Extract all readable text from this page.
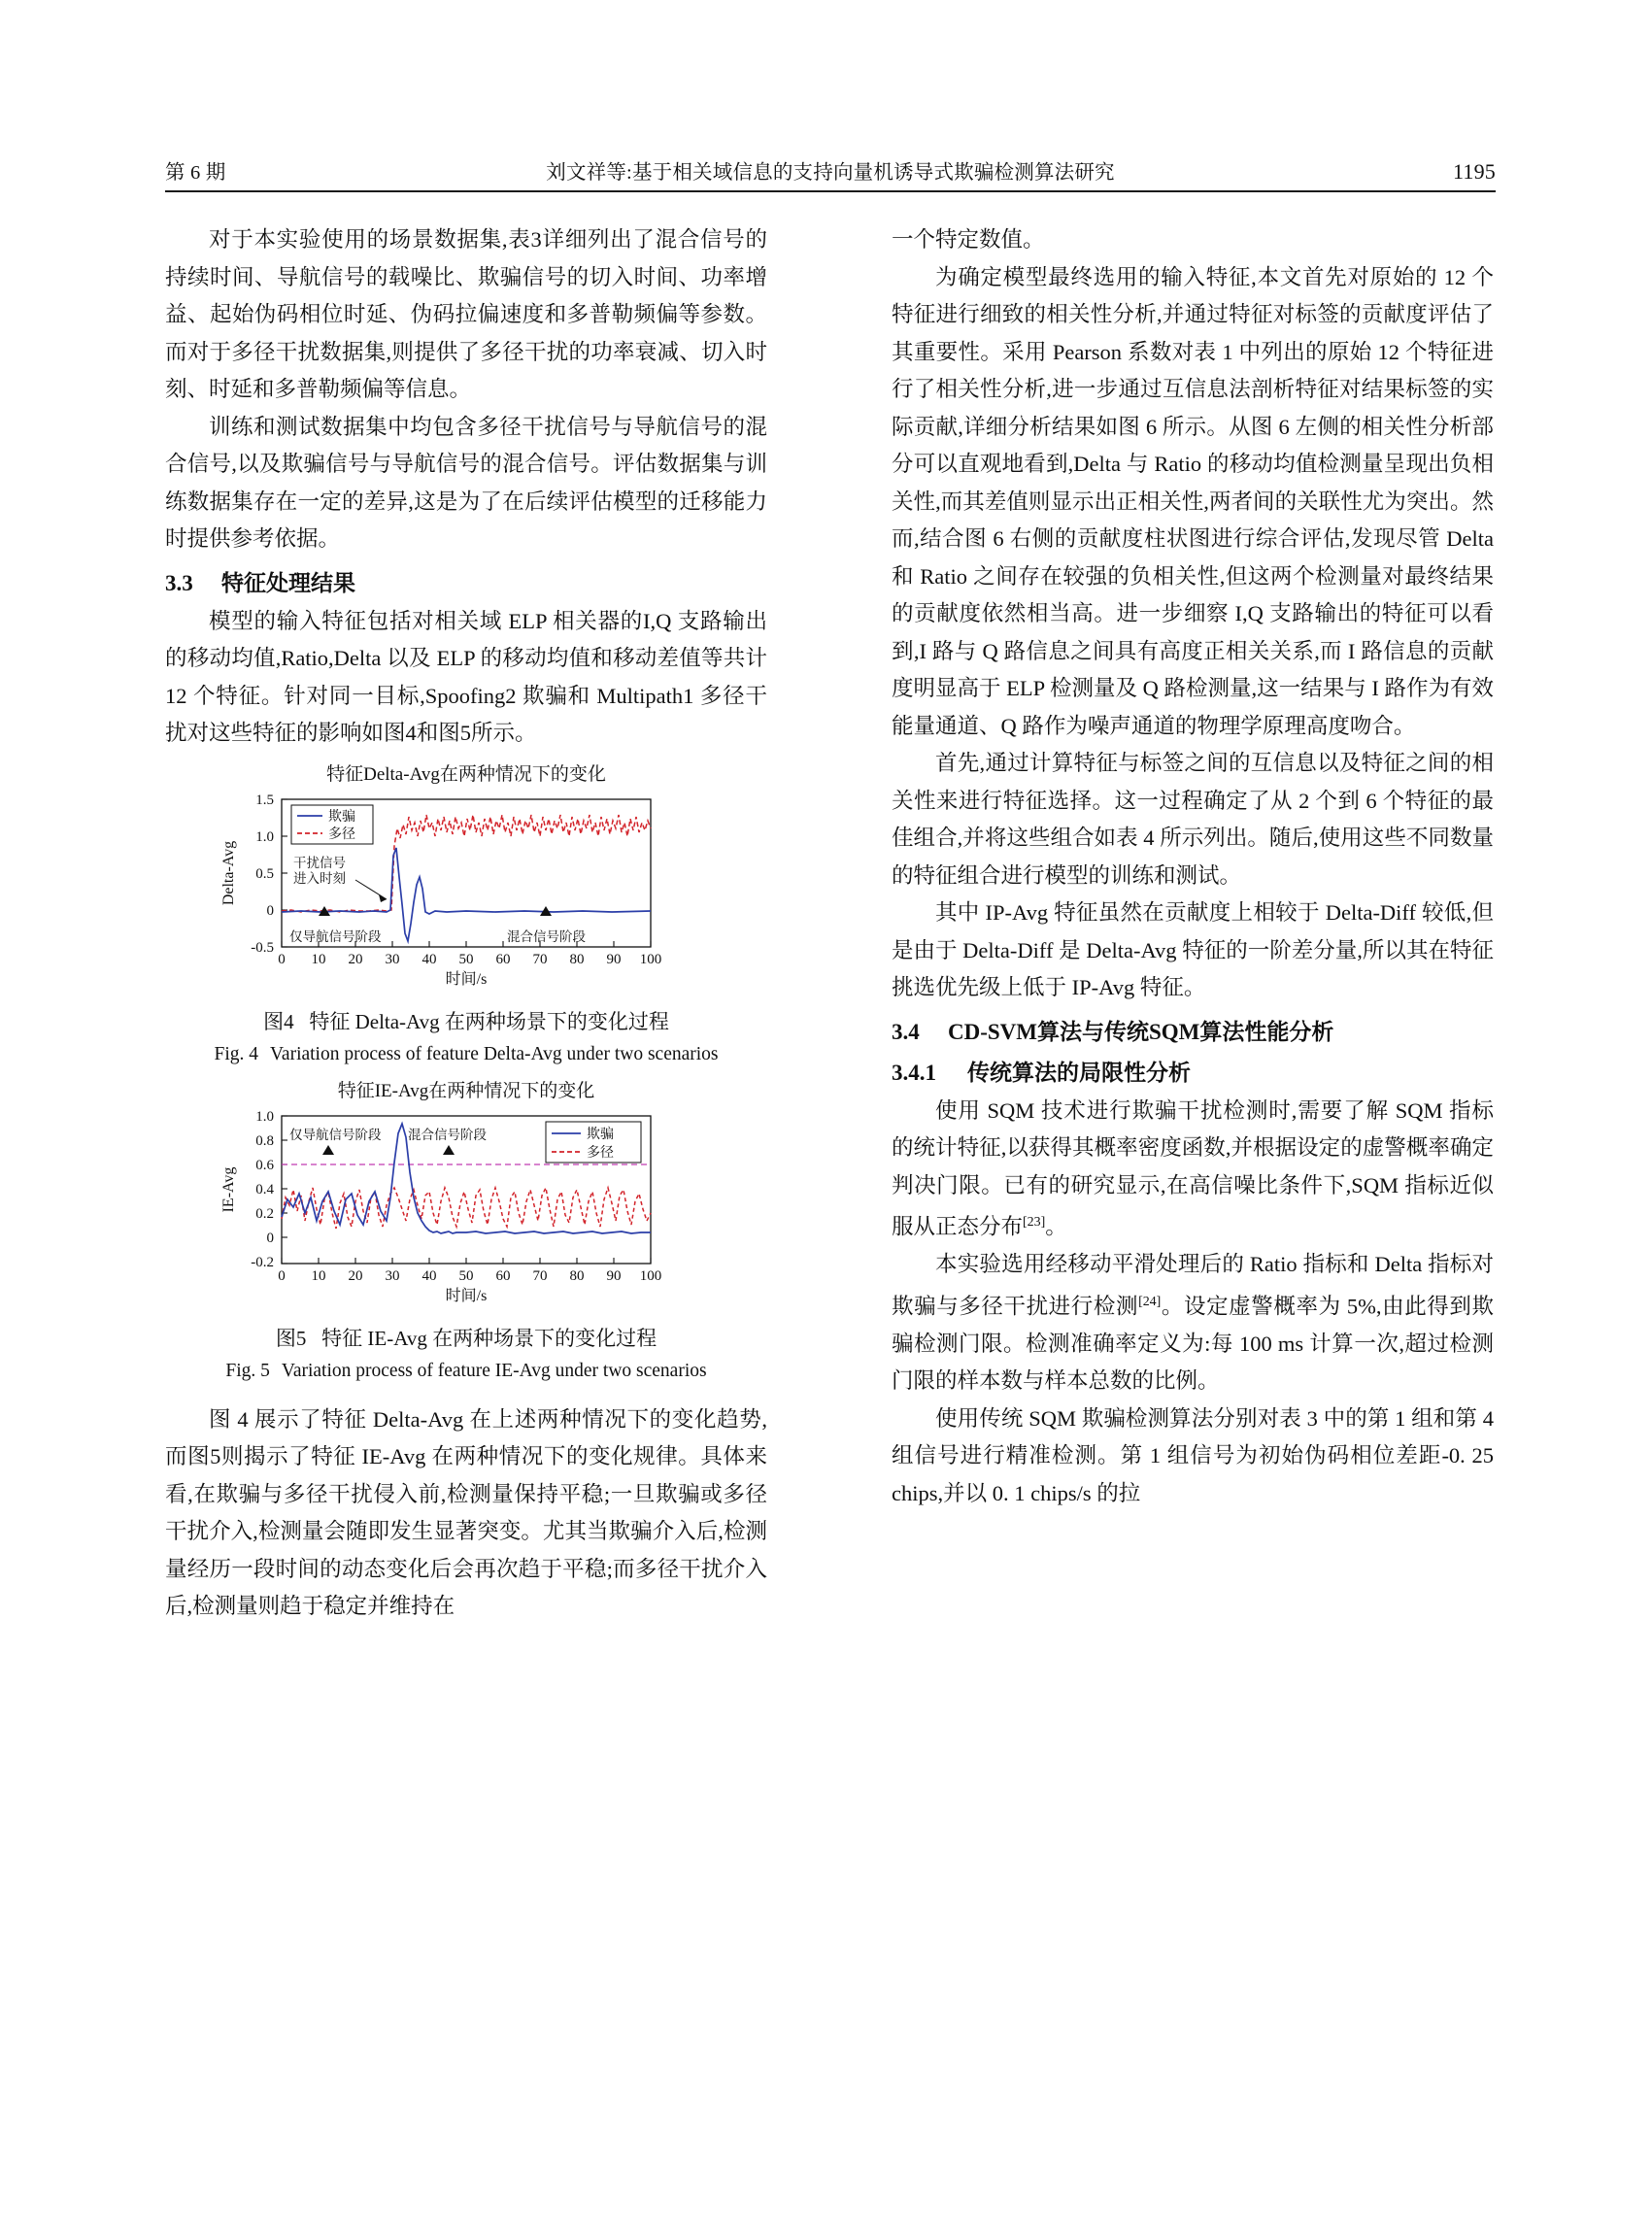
第 6 期	刘文祥等:基于相关域信息的支持向量机诱导式欺骗检测算法研究	1195

对于本实验使用的场景数据集,表3详细列出了混合信号的持续时间、导航信号的载噪比、欺骗信号的切入时间、功率增益、起始伪码相位时延、伪码拉偏速度和多普勒频偏等参数。而对于多径干扰数据集,则提供了多径干扰的功率衰减、切入时刻、时延和多普勒频偏等信息。

训练和测试数据集中均包含多径干扰信号与导航信号的混合信号,以及欺骗信号与导航信号的混合信号。评估数据集与训练数据集存在一定的差异,这是为了在后续评估模型的迁移能力时提供参考依据。

3.3 特征处理结果

模型的输入特征包括对相关域 ELP 相关器的I,Q 支路输出的移动均值,Ratio,Delta 以及 ELP 的移动均值和移动差值等共计 12 个特征。针对同一目标,Spoofing2 欺骗和 Multipath1 多径干扰对这些特征的影响如图4和图5所示。

特征Delta-Avg在两种情况下的变化
1.5
1.0
0.5
0
-0.5
0 10 20 30 40 50 60 70 80 90 100
时间/s
Delta-Avg
欺骗
多径
干扰信号
进入时刻
仅导航信号阶段	混合信号阶段
图4 特征 Delta-Avg 在两种场景下的变化过程
Fig. 4 Variation process of feature Delta-Avg under two scenarios
特征IE-Avg在两种情况下的变化
1.0
0.8
0.6
0.4
0.2
0
-0.2
0 10 20 30 40 50 60 70 80 90 100
时间/s
IE-Avg
欺骗
多径
仅导航信号阶段 混合信号阶段
图5 特征 IE-Avg 在两种场景下的变化过程
Fig. 5 Variation process of feature IE-Avg under two scenarios

图 4 展示了特征 Delta-Avg 在上述两种情况下的变化趋势,而图5则揭示了特征 IE-Avg 在两种情况下的变化规律。具体来看,在欺骗与多径干扰侵入前,检测量保持平稳;一旦欺骗或多径干扰介入,检测量会随即发生显著突变。尤其当欺骗介入后,检测量经历一段时间的动态变化后会再次趋于平稳;而多径干扰介入后,检测量则趋于稳定并维持在

一个特定数值。

为确定模型最终选用的输入特征,本文首先对原始的 12 个特征进行细致的相关性分析,并通过特征对标签的贡献度评估了其重要性。采用 Pearson 系数对表 1 中列出的原始 12 个特征进行了相关性分析,进一步通过互信息法剖析特征对结果标签的实际贡献,详细分析结果如图 6 所示。从图 6 左侧的相关性分析部分可以直观地看到,Delta 与 Ratio 的移动均值检测量呈现出负相关性,而其差值则显示出正相关性,两者间的关联性尤为突出。然而,结合图 6 右侧的贡献度柱状图进行综合评估,发现尽管 Delta 和 Ratio 之间存在较强的负相关性,但这两个检测量对最终结果的贡献度依然相当高。进一步细察 I,Q 支路输出的特征可以看到,I 路与 Q 路信息之间具有高度正相关关系,而 I 路信息的贡献度明显高于 ELP 检测量及 Q 路检测量,这一结果与 I 路作为有效能量通道、Q 路作为噪声通道的物理学原理高度吻合。

首先,通过计算特征与标签之间的互信息以及特征之间的相关性来进行特征选择。这一过程确定了从 2 个到 6 个特征的最佳组合,并将这些组合如表 4 所示列出。随后,使用这些不同数量的特征组合进行模型的训练和测试。

其中 IP-Avg 特征虽然在贡献度上相较于 Delta-Diff 较低,但是由于 Delta-Diff 是 Delta-Avg 特征的一阶差分量,所以其在特征挑选优先级上低于 IP-Avg 特征。

3.4 CD-SVM算法与传统SQM算法性能分析
3.4.1 传统算法的局限性分析

使用 SQM 技术进行欺骗干扰检测时,需要了解 SQM 指标的统计特征,以获得其概率密度函数,并根据设定的虚警概率确定判决门限。已有的研究显示,在高信噪比条件下,SQM 指标近似服从正态分布[23]。

本实验选用经移动平滑处理后的 Ratio 指标和 Delta 指标对欺骗与多径干扰进行检测[24]。设定虚警概率为 5%,由此得到欺骗检测门限。检测准确率定义为:每 100 ms 计算一次,超过检测门限的样本数与样本总数的比例。

使用传统 SQM 欺骗检测算法分别对表 3 中的第 1 组和第 4 组信号进行精准检测。第 1 组信号为初始伪码相位差距-0. 25 chips,并以 0. 1 chips/s 的拉
